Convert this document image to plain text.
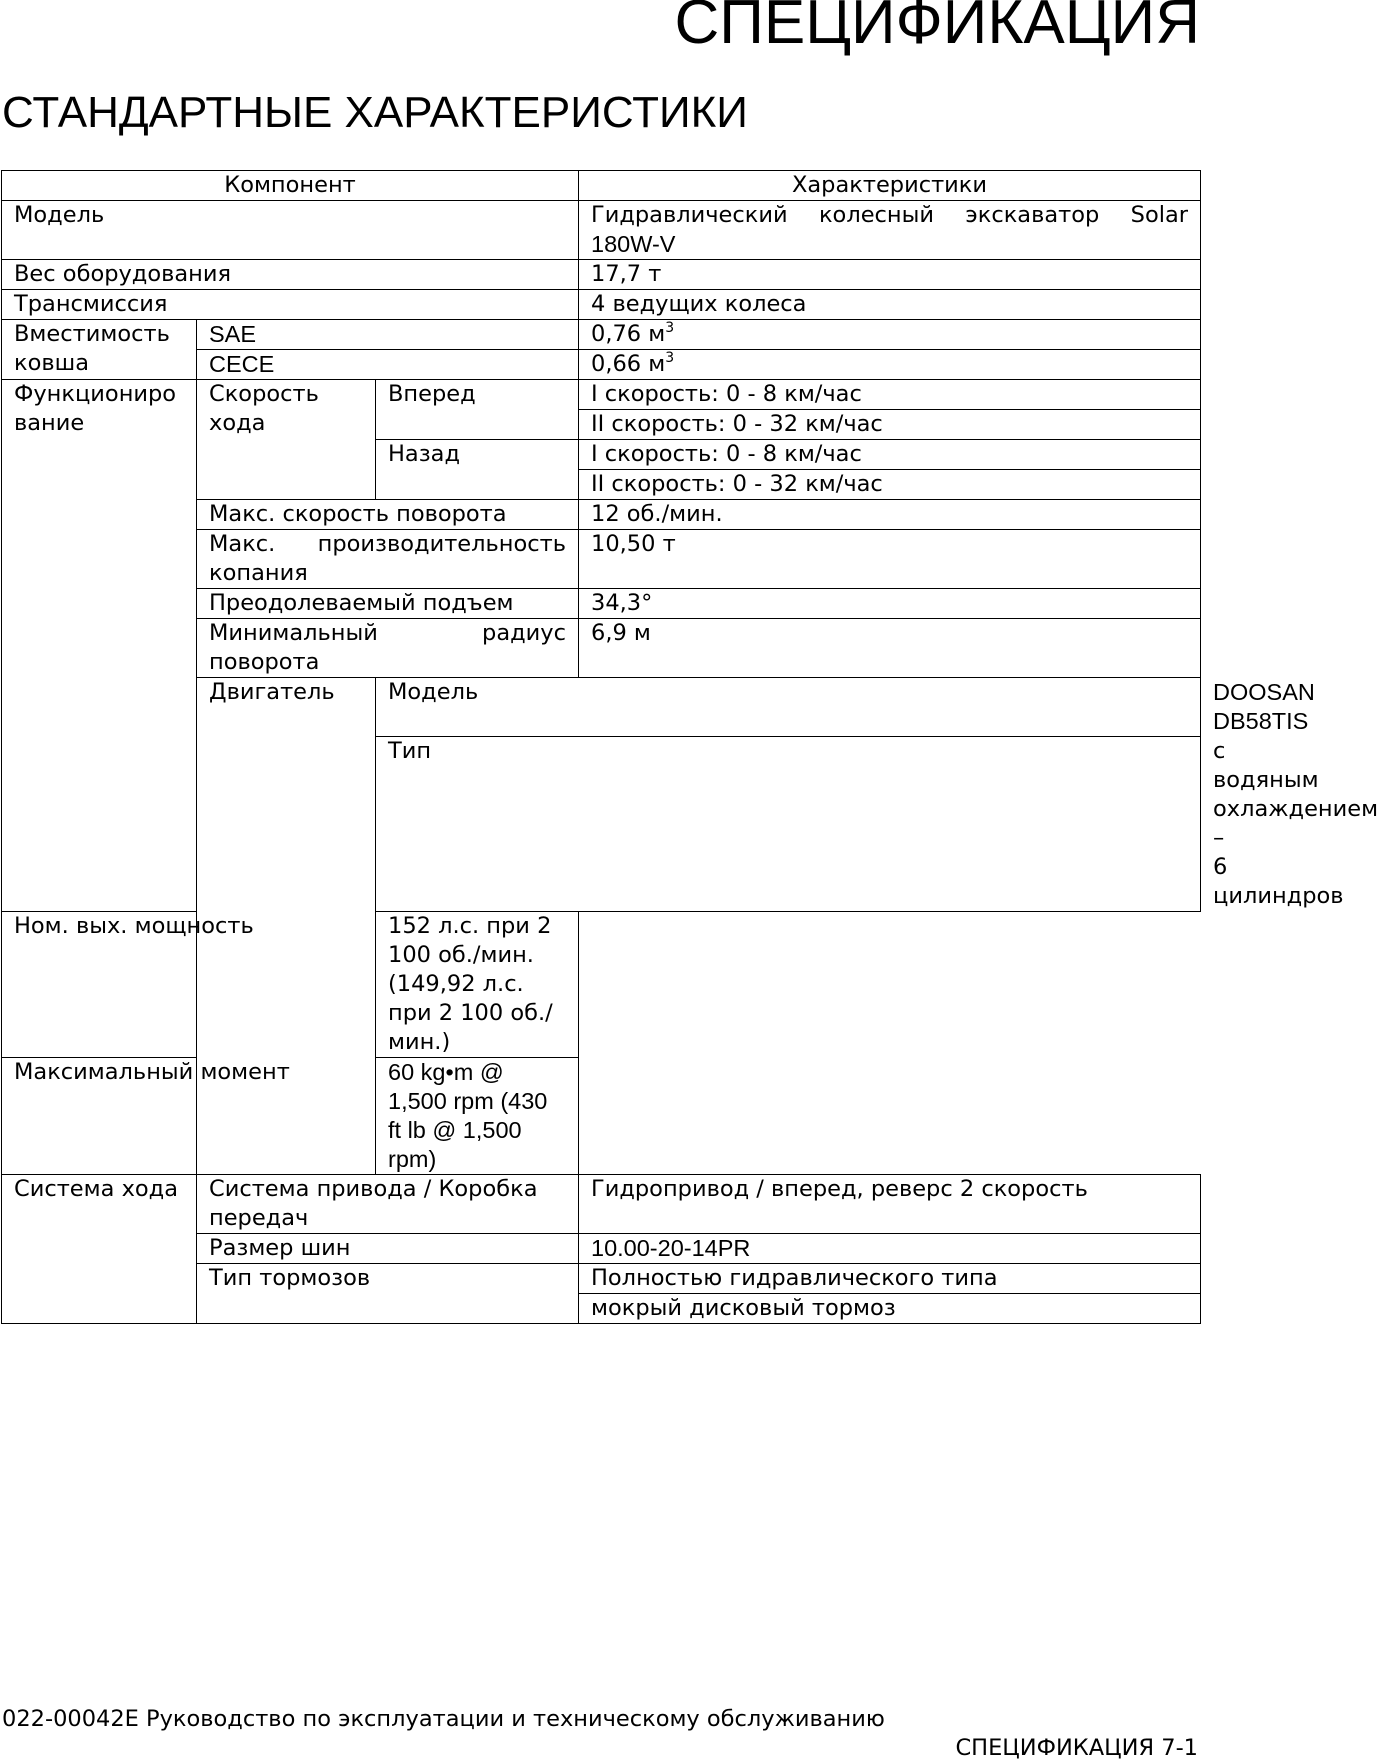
СПЕЦИФИКАЦИЯ
СТАНДАРТНЫЕ ХАРАКТЕРИСТИКИ
Компонент			Характеристики	
Модель			Гидравлический колесный экскаватор Solar
180W-V	

Вес оборудования			17,7 т	
Трансмиссия			4 ведущих колеса	
Вместимость ковша	SAE		0,76 $м^3$
	CECE		0,66 $м^3$
Функционирование	Скорость хода	Вперед	I скорость: 0 - 8 км/час	
			II скорость: 0 - 32 км/час	
		Назад	I скорость: 0 - 8 км/час	
			II скорость: 0 - 32 км/час	
	Макс. скорость поворота		12 об./мин.	
	Макс. производительность копания		10,50 т	
	Преодолеваемый подъем		34,3°	
	Минимальный радиус поворота		6,9 м	
	Двигатель	Модель		DOOSAN DB58TIS
		Тип		с водяным охлаждением – 6 цилиндров
Ном. вых. мощность		152 л.с. при 2 100 об./мин. (149,92 л.с. при 2 100 об./мин.)		
Максимальный момент		60 kg•m @ 1,500 rpm (430 ft lb @ 1,500 rpm)		
Система хода	Система привода / Коробка передач		Гидропривод / вперед, реверс 2 скорость	
	Размер шин		10.00-20-14PR	
	Тип тормозов		Полностью гидравлического типа	
			мокрый дисковый тормоз	
022-00042E Руководство по эксплуатации и техническому обслуживанию
СПЕЦИФИКАЦИЯ 7-1
